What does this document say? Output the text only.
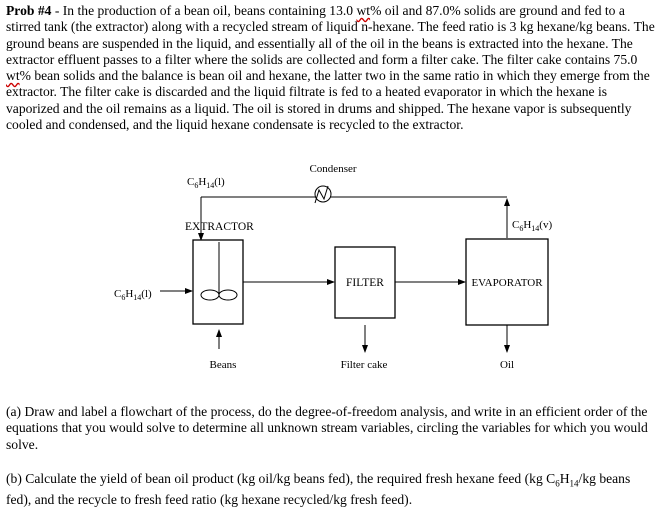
Prob #4 - In the production of a bean oil, beans containing 13.0 wt% oil and 87.0% solids are ground and fed to a stirred tank (the extractor) along with a recycled stream of liquid n-hexane. The feed ratio is 3 kg hexane/kg beans. The ground beans are suspended in the liquid, and essentially all of the oil in the beans is extracted into the hexane. The extractor effluent passes to a filter where the solids are collected and form a filter cake. The filter cake contains 75.0 wt% bean solids and the balance is bean oil and hexane, the latter two in the same ratio in which they emerge from the extractor. The filter cake is discarded and the liquid filtrate is fed to a heated evaporator in which the hexane is vaporized and the oil remains as a liquid. The oil is stored in drums and shipped. The hexane vapor is subsequently cooled and condensed, and the liquid hexane condensate is recycled to the extractor.

Condenser
$C_6H_{14}(l)$
EXTRACTOR
$C_6H_{14}(l)$
FILTER	EVAPORATOR
$C_6H_{14}(v)$
Beans	Filter cake	Oil

(a) Draw and label a flowchart of the process, do the degree-of-freedom analysis, and write in an efficient order of the equations that you would solve to determine all unknown stream variables, circling the variables for which you would solve.

(b) Calculate the yield of bean oil product (kg oil/kg beans fed), the required fresh hexane feed (kg $C_6H_{14}/kg$ beans fed), and the recycle to fresh feed ratio (kg hexane recycled/kg fresh feed).
